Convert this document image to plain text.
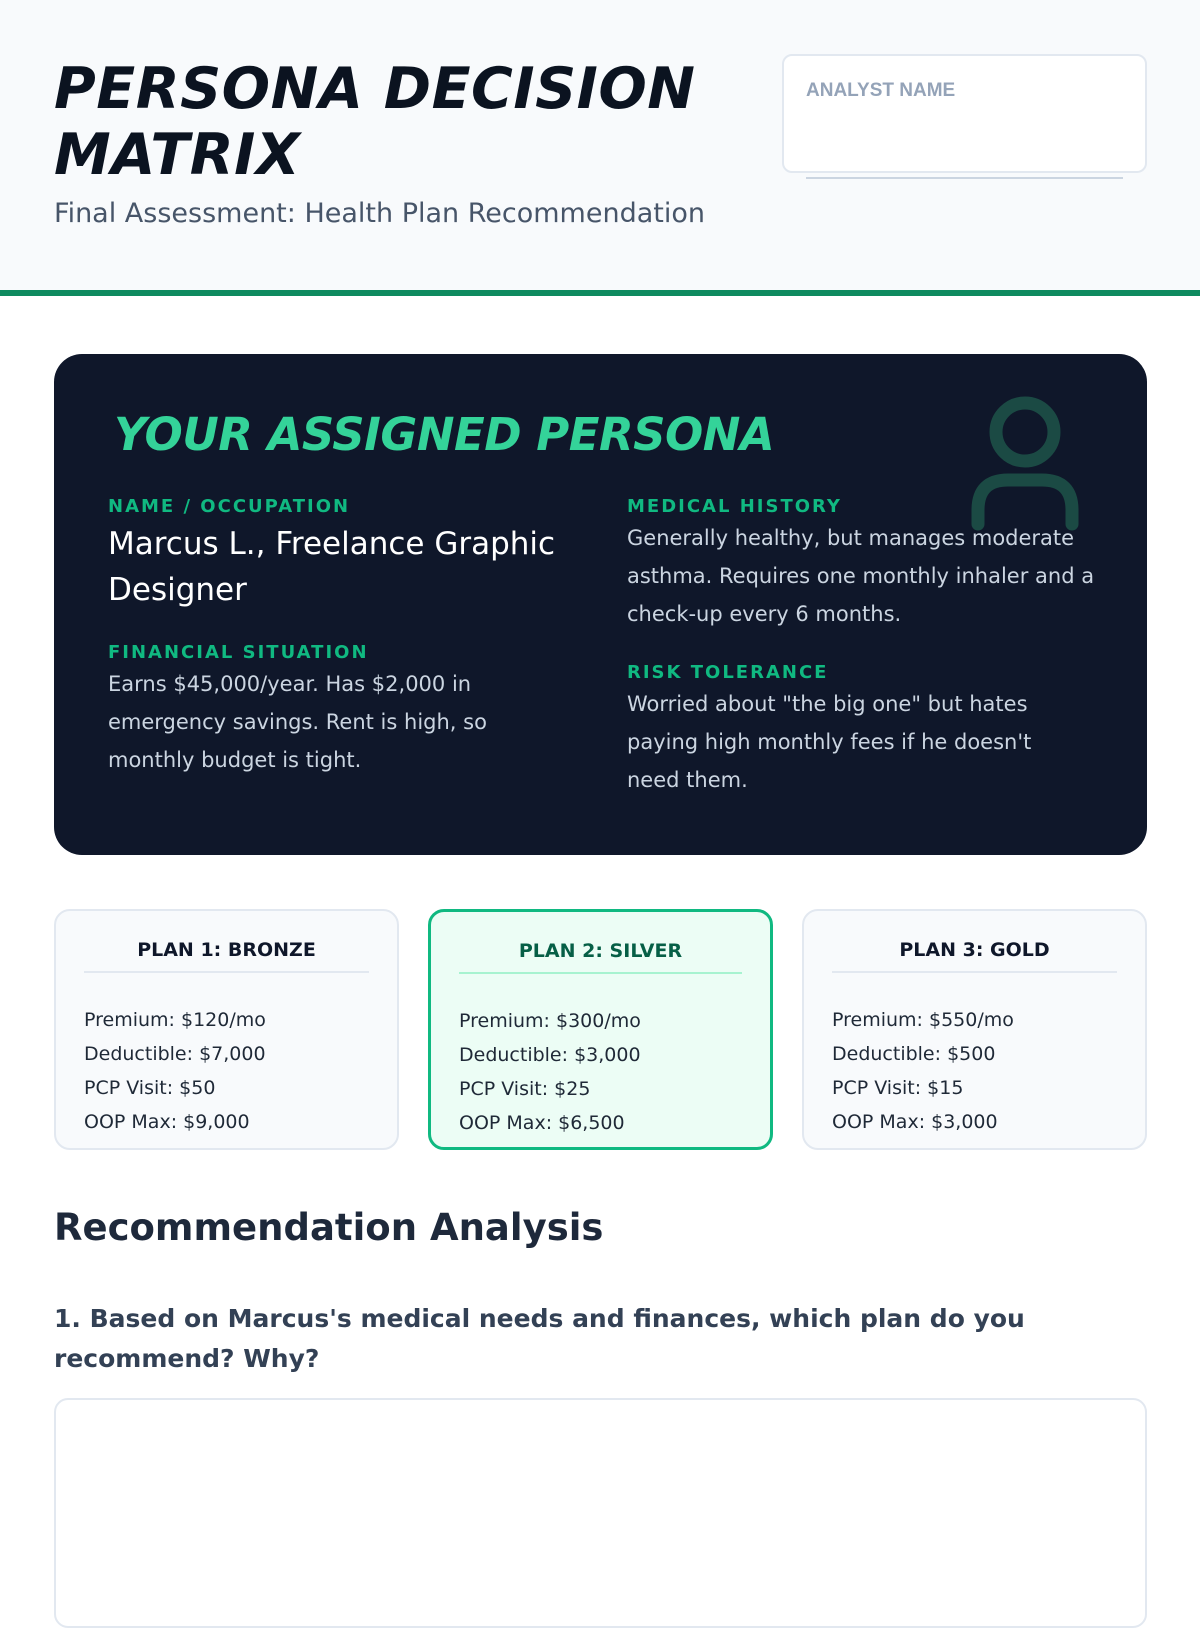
PERSONA DECISION MATRIX

Final Assessment: Health Plan Recommendation

ANALYST NAME
YOUR ASSIGNED PERSONA
NAME / OCCUPATION
Marcus L., Freelance Graphic Designer
FINANCIAL SITUATION
Earns $45,000/year. Has $2,000 in emergency savings. Rent is high, so monthly budget is tight.
MEDICAL HISTORY
Generally healthy, but manages moderate asthma. Requires one monthly inhaler and a check-up every 6 months.
RISK TOLERANCE
Worried about "the big one" but hates paying high monthly fees if he doesn't need them.
PLAN 1: BRONZE
Premium: $120/mo
Deductible: $7,000
PCP Visit: $50
OOP Max: $9,000
PLAN 2: SILVER
Premium: $300/mo
Deductible: $3,000
PCP Visit: $25
OOP Max: $6,500
PLAN 3: GOLD
Premium: $550/mo
Deductible: $500
PCP Visit: $15
OOP Max: $3,000
Recommendation Analysis

1. Based on Marcus's medical needs and finances, which plan do you recommend? Why?
